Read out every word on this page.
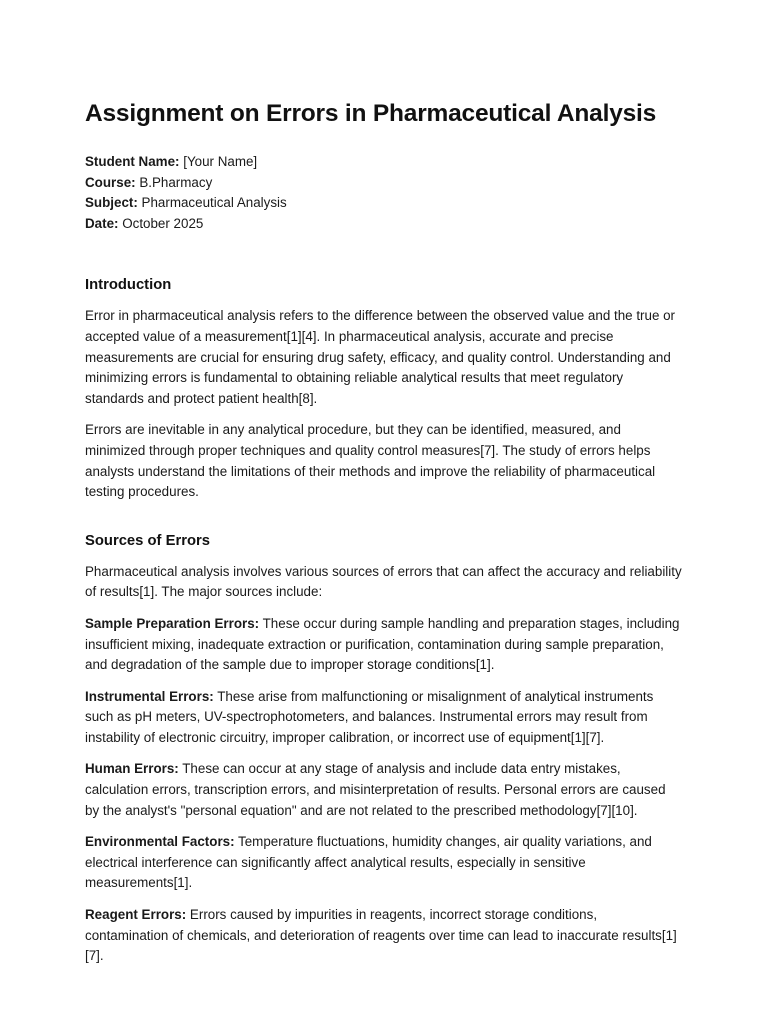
Assignment on Errors in Pharmaceutical Analysis
Student Name: [Your Name]
Course: B.Pharmacy
Subject: Pharmaceutical Analysis
Date: October 2025
Introduction

Error in pharmaceutical analysis refers to the difference between the observed value and the true or accepted value of a measurement[1][4]. In pharmaceutical analysis, accurate and precise measurements are crucial for ensuring drug safety, efficacy, and quality control. Understanding and minimizing errors is fundamental to obtaining reliable analytical results that meet regulatory standards and protect patient health[8].

Errors are inevitable in any analytical procedure, but they can be identified, measured, and minimized through proper techniques and quality control measures[7]. The study of errors helps analysts understand the limitations of their methods and improve the reliability of pharmaceutical testing procedures.

Sources of Errors

Pharmaceutical analysis involves various sources of errors that can affect the accuracy and reliability of results[1]. The major sources include:

Sample Preparation Errors: These occur during sample handling and preparation stages, including insufficient mixing, inadequate extraction or purification, contamination during sample preparation, and degradation of the sample due to improper storage conditions[1].

Instrumental Errors: These arise from malfunctioning or misalignment of analytical instruments such as pH meters, UV-spectrophotometers, and balances. Instrumental errors may result from instability of electronic circuitry, improper calibration, or incorrect use of equipment[1][7].

Human Errors: These can occur at any stage of analysis and include data entry mistakes, calculation errors, transcription errors, and misinterpretation of results. Personal errors are caused by the analyst's "personal equation" and are not related to the prescribed methodology[7][10].

Environmental Factors: Temperature fluctuations, humidity changes, air quality variations, and electrical interference can significantly affect analytical results, especially in sensitive measurements[1].

Reagent Errors: Errors caused by impurities in reagents, incorrect storage conditions, contamination of chemicals, and deterioration of reagents over time can lead to inaccurate results[1][7].
